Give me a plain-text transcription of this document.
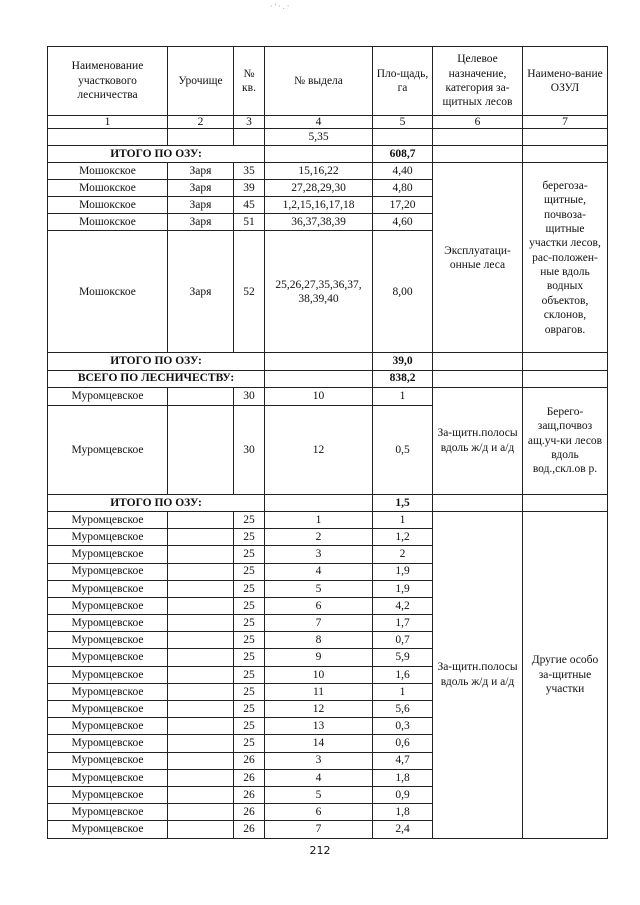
·'·.·
Наименование участкового лесничества	Урочище	№ кв.	№ выдела	Пло-щадь, га	Целевое назначение, категория за-щитных лесов	Наимено-вание ОЗУЛ
1	2	3	4	5	6	7
			5,35			
ИТОГО ПО ОЗУ:				608,7		
Мошокское	Заря	35	15,16,22	4,40	Эксплуатаци-онные леса	берегоза-щитные, почвоза-щитные участки лесов, рас-положен-ные вдоль водных объектов, склонов, оврагов.
Мошокское	Заря	39	27,28,29,30	4,80		
Мошокское	Заря	45	1,2,15,16,17,18	17,20		
Мошокское	Заря	51	36,37,38,39	4,60		
Мошокское	Заря	52	25,26,27,35,36,37, 38,39,40	8,00		
ИТОГО ПО ОЗУ:				39,0		
ВСЕГО ПО ЛЕСНИЧЕСТВУ:				838,2		
Муромцевское		30	10	1	За-щитн.полосы вдоль ж/д и а/д	Берего-защ,почвоз ащ.уч-ки лесов вдоль вод.,скл.ов р.
Муромцевское		30	12	0,5		
ИТОГО ПО ОЗУ:				1,5		
Муромцевское		25	1	1	За-щитн.полосы вдоль ж/д и а/д	Другие особо за-щитные участки
Муромцевское		25	2	1,2		
Муромцевское		25	3	2		
Муромцевское		25	4	1,9		
Муромцевское		25	5	1,9		
Муромцевское		25	6	4,2		
Муромцевское		25	7	1,7		
Муромцевское		25	8	0,7		
Муромцевское		25	9	5,9		
Муромцевское		25	10	1,6		
Муромцевское		25	11	1		
Муромцевское		25	12	5,6		
Муромцевское		25	13	0,3		
Муромцевское		25	14	0,6		
Муромцевское		26	3	4,7		
Муромцевское		26	4	1,8		
Муромцевское		26	5	0,9		
Муромцевское		26	6	1,8		
Муромцевское		26	7	2,4		
212
